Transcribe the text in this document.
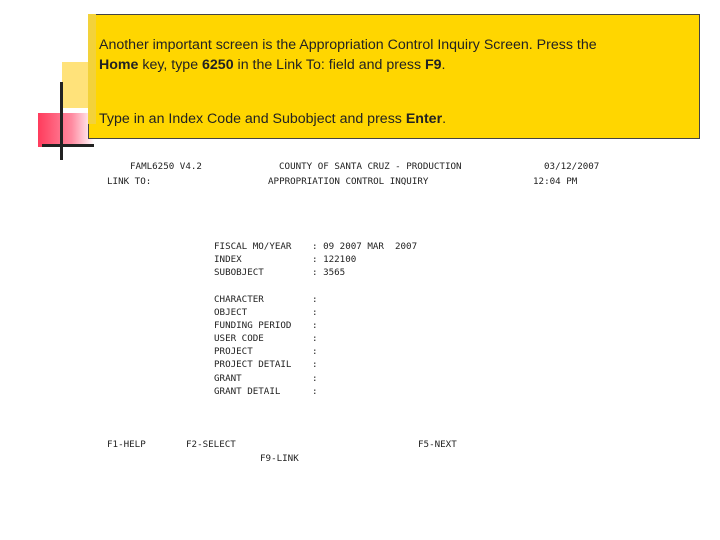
Another important screen is the Appropriation Control Inquiry Screen. Press the
Home key, type 6250 in the Link To: field and press F9.

Type in an Index Code and Subobject and press Enter.

FAML6250 V4.2	COUNTY OF SANTA CRUZ - PRODUCTION	03/12/2007
LINK TO:	APPROPRIATION CONTROL INQUIRY	12:04 PM
FISCAL MO/YEAR : 09 2007 MAR  2007
INDEX	: 122100
SUBOBJECT	: 3565
CHARACTER	:
OBJECT	:
FUNDING PERIOD :
USER CODE	:
PROJECT	:
PROJECT DETAIL :
GRANT	:
GRANT DETAIL	:
F1-HELP	F2-SELECT	F5-NEXT
F9-LINK
